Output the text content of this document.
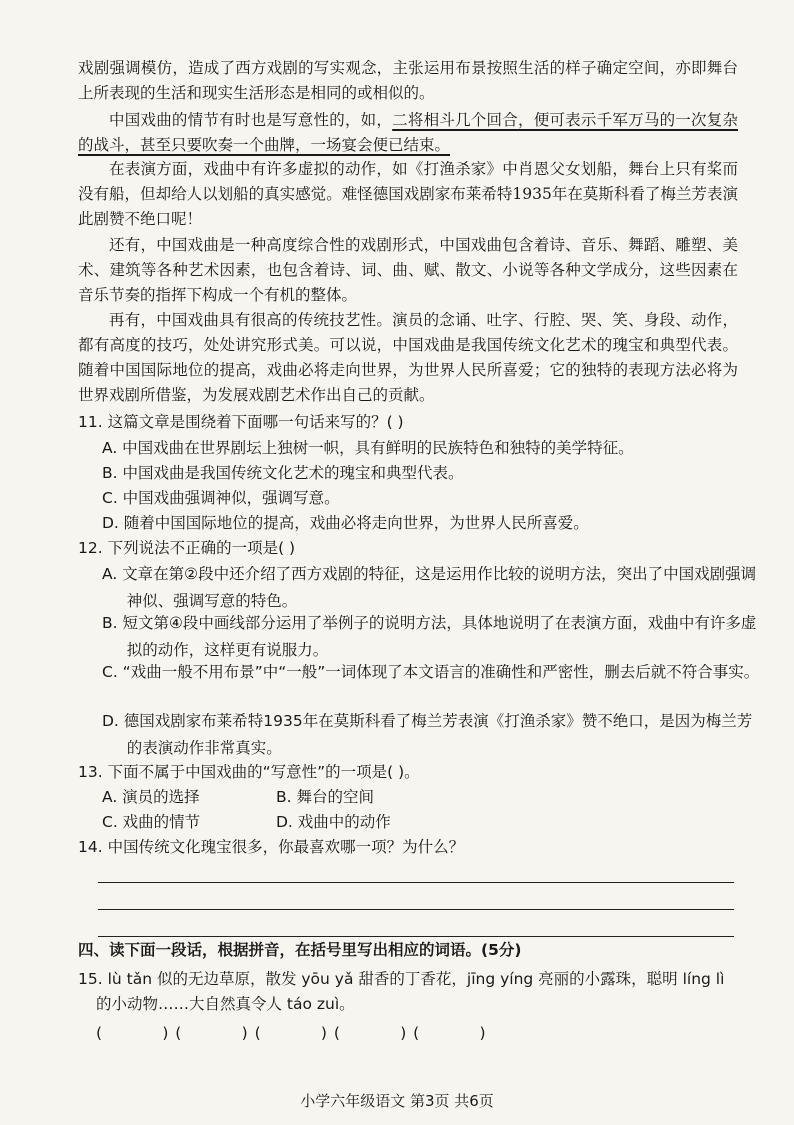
戏剧强调模仿，造成了西方戏剧的写实观念，主张运用布景按照生活的样子确定空间，亦即舞台上所表现的生活和现实生活形态是相同的或相似的。

中国戏曲的情节有时也是写意性的，如，二将相斗几个回合，便可表示千军万马的一次复杂的战斗，甚至只要吹奏一个曲牌，一场宴会便已结束。

在表演方面，戏曲中有许多虚拟的动作，如《打渔杀家》中肖恩父女划船，舞台上只有桨而没有船，但却给人以划船的真实感觉。难怪德国戏剧家布莱希特1935年在莫斯科看了梅兰芳表演此剧赞不绝口呢！

还有，中国戏曲是一种高度综合性的戏剧形式，中国戏曲包含着诗、音乐、舞蹈、雕塑、美术、建筑等各种艺术因素，也包含着诗、词、曲、赋、散文、小说等各种文学成分，这些因素在音乐节奏的指挥下构成一个有机的整体。

再有，中国戏曲具有很高的传统技艺性。演员的念诵、吐字、行腔、哭、笑、身段、动作，都有高度的技巧，处处讲究形式美。可以说，中国戏曲是我国传统文化艺术的瑰宝和典型代表。随着中国国际地位的提高，戏曲必将走向世界，为世界人民所喜爱；它的独特的表现方法必将为世界戏剧所借鉴，为发展戏剧艺术作出自己的贡献。

11. 这篇文章是围绕着下面哪一句话来写的？( )

A. 中国戏曲在世界剧坛上独树一帜，具有鲜明的民族特色和独特的美学特征。

B. 中国戏曲是我国传统文化艺术的瑰宝和典型代表。

C. 中国戏曲强调神似，强调写意。

D. 随着中国国际地位的提高，戏曲必将走向世界，为世界人民所喜爱。

12. 下列说法不正确的一项是( )

A. 文章在第②段中还介绍了西方戏剧的特征，这是运用作比较的说明方法，突出了中国戏剧强调神似、强调写意的特色。

B. 短文第④段中画线部分运用了举例子的说明方法，具体地说明了在表演方面，戏曲中有许多虚拟的动作，这样更有说服力。

C. “戏曲一般不用布景”中“一般”一词体现了本文语言的准确性和严密性，删去后就不符合事实。

D. 德国戏剧家布莱希特1935年在莫斯科看了梅兰芳表演《打渔杀家》赞不绝口，是因为梅兰芳的表演动作非常真实。

13. 下面不属于中国戏曲的“写意性”的一项是( )。

A. 演员的选择	B. 舞台的空间

C. 戏曲的情节	D. 戏曲中的动作

14. 中国传统文化瑰宝很多，你最喜欢哪一项？为什么？

四、读下面一段话，根据拼音，在括号里写出相应的词语。(5分)

15. lù tǎn 似的无边草原，散发 yōu yǎ 甜香的丁香花，jīng yíng 亮丽的小露珠，聪明 líng lì

的小动物……大自然真令人 táo zuì。

(          ) (          ) (          ) (          ) (          )

小学六年级语文 第3页 共6页
